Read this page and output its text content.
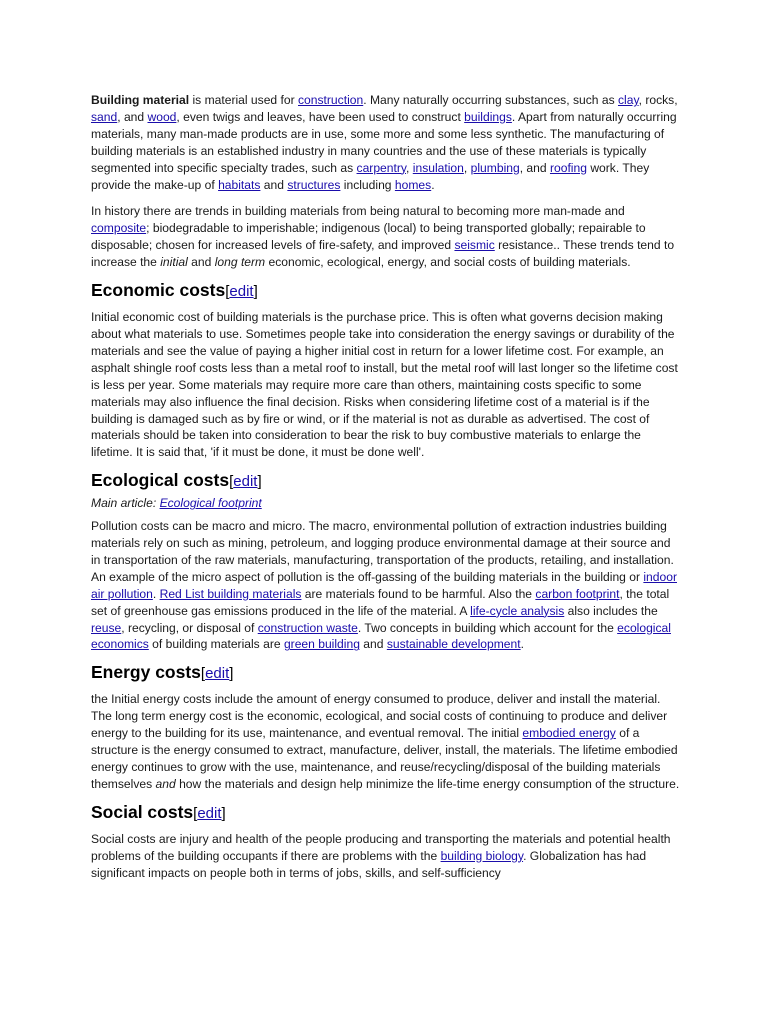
Building material is material used for construction. Many naturally occurring substances, such as clay, rocks, sand, and wood, even twigs and leaves, have been used to construct buildings. Apart from naturally occurring materials, many man-made products are in use, some more and some less synthetic. The manufacturing of building materials is an established industry in many countries and the use of these materials is typically segmented into specific specialty trades, such as carpentry, insulation, plumbing, and roofing work. They provide the make-up of habitats and structures including homes.

In history there are trends in building materials from being natural to becoming more man-made and composite; biodegradable to imperishable; indigenous (local) to being transported globally; repairable to disposable; chosen for increased levels of fire-safety, and improved seismic resistance.. These trends tend to increase the initial and long term economic, ecological, energy, and social costs of building materials.

Economic costs[edit]

Initial economic cost of building materials is the purchase price. This is often what governs decision making about what materials to use. Sometimes people take into consideration the energy savings or durability of the materials and see the value of paying a higher initial cost in return for a lower lifetime cost. For example, an asphalt shingle roof costs less than a metal roof to install, but the metal roof will last longer so the lifetime cost is less per year. Some materials may require more care than others, maintaining costs specific to some materials may also influence the final decision. Risks when considering lifetime cost of a material is if the building is damaged such as by fire or wind, or if the material is not as durable as advertised. The cost of materials should be taken into consideration to bear the risk to buy combustive materials to enlarge the lifetime. It is said that, 'if it must be done, it must be done well'.

Ecological costs[edit]

Main article: Ecological footprint

Pollution costs can be macro and micro. The macro, environmental pollution of extraction industries building materials rely on such as mining, petroleum, and logging produce environmental damage at their source and in transportation of the raw materials, manufacturing, transportation of the products, retailing, and installation. An example of the micro aspect of pollution is the off-gassing of the building materials in the building or indoor air pollution. Red List building materials are materials found to be harmful. Also the carbon footprint, the total set of greenhouse gas emissions produced in the life of the material. A life-cycle analysis also includes the reuse, recycling, or disposal of construction waste. Two concepts in building which account for the ecological economics of building materials are green building and sustainable development.

Energy costs[edit]

the Initial energy costs include the amount of energy consumed to produce, deliver and install the material. The long term energy cost is the economic, ecological, and social costs of continuing to produce and deliver energy to the building for its use, maintenance, and eventual removal. The initial embodied energy of a structure is the energy consumed to extract, manufacture, deliver, install, the materials. The lifetime embodied energy continues to grow with the use, maintenance, and reuse/recycling/disposal of the building materials themselves and how the materials and design help minimize the life-time energy consumption of the structure.

Social costs[edit]

Social costs are injury and health of the people producing and transporting the materials and potential health problems of the building occupants if there are problems with the building biology. Globalization has had significant impacts on people both in terms of jobs, skills, and self-sufficiency
